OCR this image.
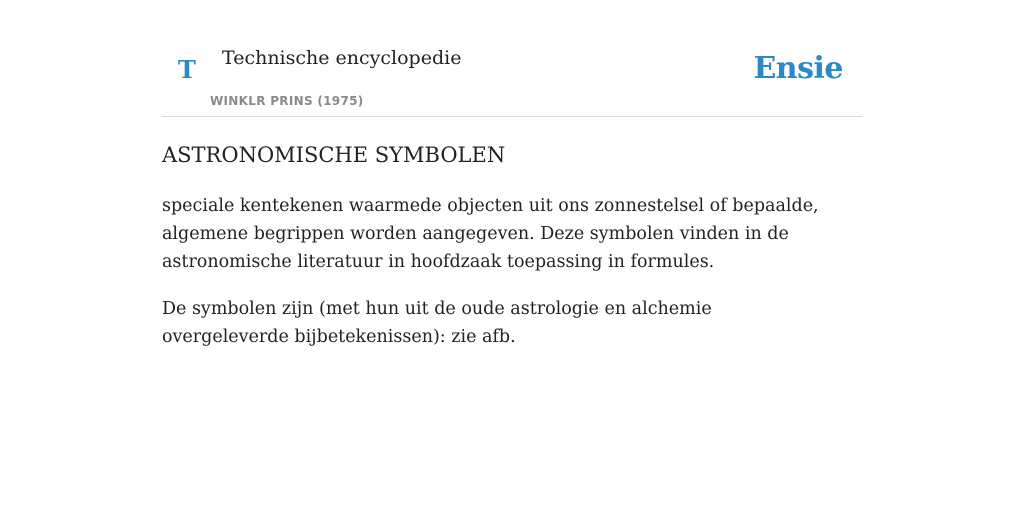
T Technische encyclopedie
WINKLR PRINS (1975)
Ensie
ASTRONOMISCHE SYMBOLEN

speciale kentekenen waarmede objecten uit ons zonnestelsel of bepaalde, algemene begrippen worden aangegeven. Deze symbolen vinden in de astronomische literatuur in hoofdzaak toepassing in formules.

De symbolen zijn (met hun uit de oude astrologie en alchemie overgeleverde bijbetekenissen): zie afb.
